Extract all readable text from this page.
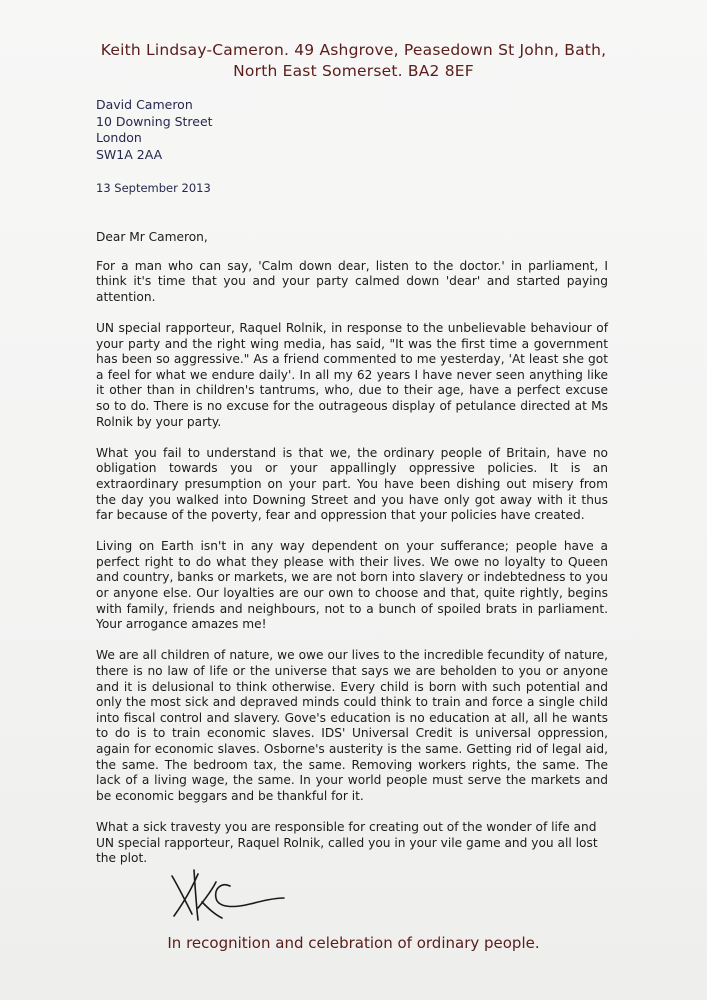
Keith Lindsay-Cameron. 49 Ashgrove, Peasedown St John, Bath,
North East Somerset. BA2 8EF
David Cameron
10 Downing Street
London
SW1A 2AA
13 September 2013
Dear Mr Cameron,

For a man who can say, 'Calm down dear, listen to the doctor.' in parliament, I think it's time that you and your party calmed down 'dear' and started paying attention.

UN special rapporteur, Raquel Rolnik, in response to the unbelievable behaviour of your party and the right wing media, has said, "It was the first time a government has been so aggressive." As a friend commented to me yesterday, 'At least she got a feel for what we endure daily'. In all my 62 years I have never seen anything like it other than in children's tantrums, who, due to their age, have a perfect excuse so to do. There is no excuse for the outrageous display of petulance directed at Ms Rolnik by your party.

What you fail to understand is that we, the ordinary people of Britain, have no obligation towards you or your appallingly oppressive policies. It is an extraordinary presumption on your part. You have been dishing out misery from the day you walked into Downing Street and you have only got away with it thus far because of the poverty, fear and oppression that your policies have created.

Living on Earth isn't in any way dependent on your sufferance; people have a perfect right to do what they please with their lives. We owe no loyalty to Queen and country, banks or markets, we are not born into slavery or indebtedness to you or anyone else. Our loyalties are our own to choose and that, quite rightly, begins with family, friends and neighbours, not to a bunch of spoiled brats in parliament. Your arrogance amazes me!

We are all children of nature, we owe our lives to the incredible fecundity of nature, there is no law of life or the universe that says we are beholden to you or anyone and it is delusional to think otherwise. Every child is born with such potential and only the most sick and depraved minds could think to train and force a single child into fiscal control and slavery. Gove's education is no education at all, all he wants to do is to train economic slaves. IDS' Universal Credit is universal oppression, again for economic slaves. Osborne's austerity is the same. Getting rid of legal aid, the same. The bedroom tax, the same. Removing workers rights, the same. The lack of a living wage, the same. In your world people must serve the markets and be economic beggars and be thankful for it.

What a sick travesty you are responsible for creating out of the wonder of life and UN special rapporteur, Raquel Rolnik, called you in your vile game and you all lost the plot.

In recognition and celebration of ordinary people.
